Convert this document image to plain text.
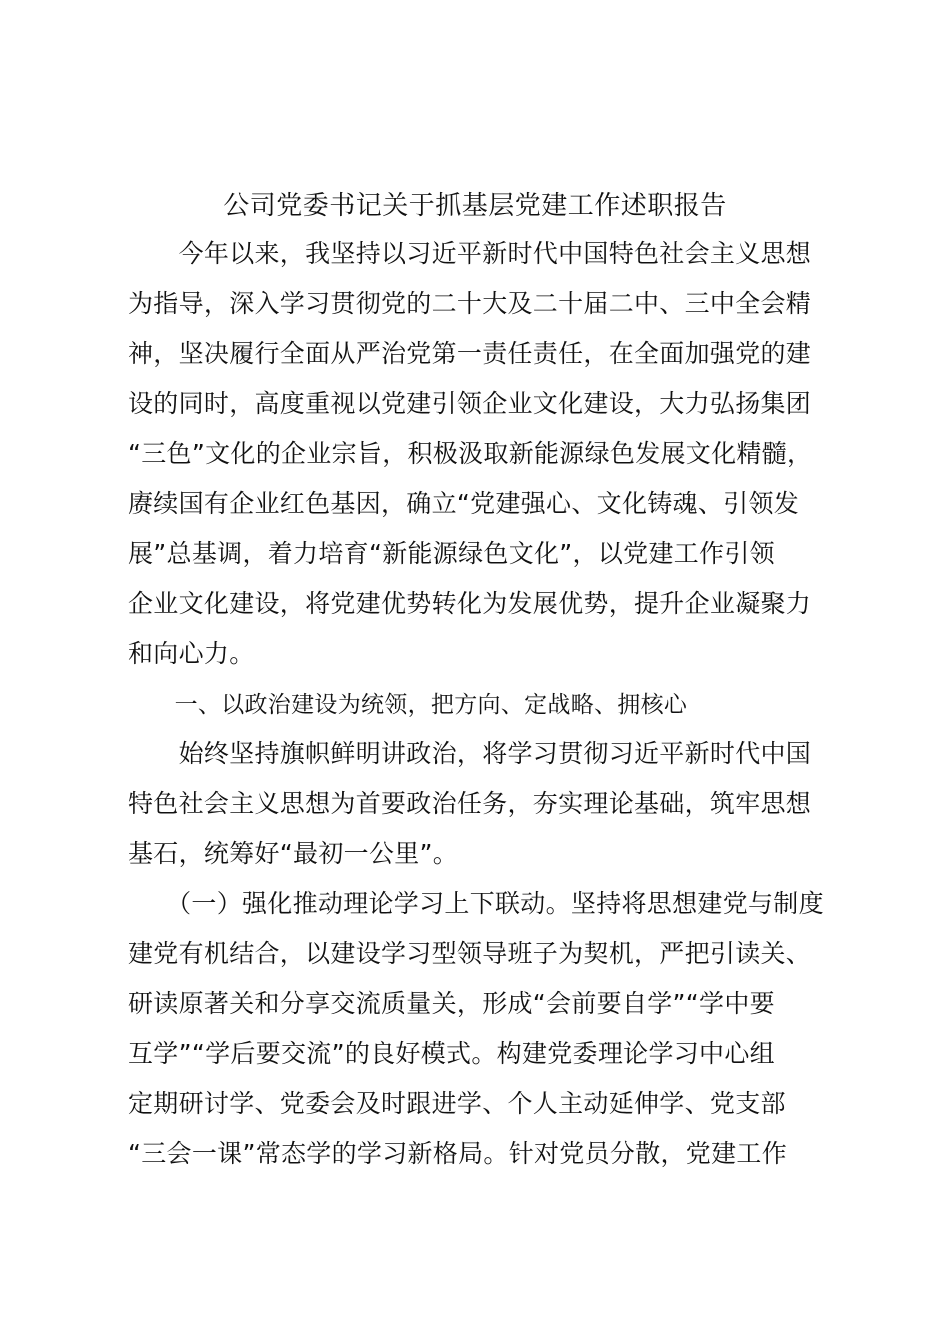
公司党委书记关于抓基层党建工作述职报告
　　今年以来，我坚持以习近平新时代中国特色社会主义思想
为指导，深入学习贯彻党的二十大及二十届二中、三中全会精
神，坚决履行全面从严治党第一责任责任，在全面加强党的建
设的同时，高度重视以党建引领企业文化建设，大力弘扬集团
“三色”文化的企业宗旨，积极汲取新能源绿色发展文化精髓，
赓续国有企业红色基因，确立“党建强心、文化铸魂、引领发
展”总基调，着力培育“新能源绿色文化”，以党建工作引领
企业文化建设，将党建优势转化为发展优势，提升企业凝聚力
和向心力。
　　一、以政治建设为统领，把方向、定战略、拥核心
　　始终坚持旗帜鲜明讲政治，将学习贯彻习近平新时代中国
特色社会主义思想为首要政治任务，夯实理论基础，筑牢思想
基石，统筹好“最初一公里”。
　　（一）强化推动理论学习上下联动。坚持将思想建党与制度
建党有机结合，以建设学习型领导班子为契机，严把引读关、
研读原著关和分享交流质量关，形成“会前要自学”“学中要
互学”“学后要交流”的良好模式。构建党委理论学习中心组
定期研讨学、党委会及时跟进学、个人主动延伸学、党支部
“三会一课”常态学的学习新格局。针对党员分散，党建工作
